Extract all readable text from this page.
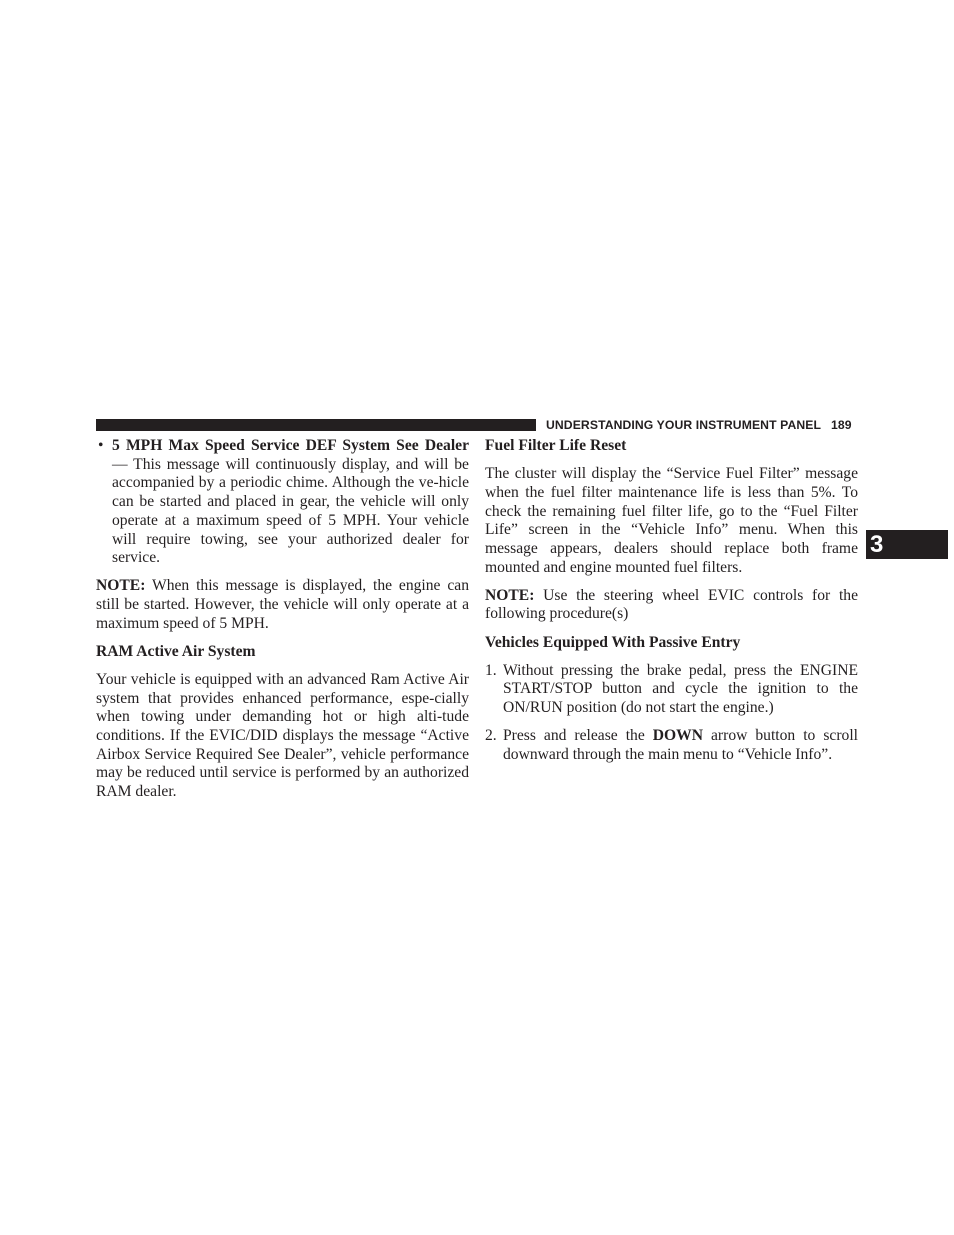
UNDERSTANDING YOUR INSTRUMENT PANEL 189
3
• 5 MPH Max Speed Service DEF System See Dealer — This message will continuously display, and will be accompanied by a periodic chime. Although the ve-hicle can be started and placed in gear, the vehicle will only operate at a maximum speed of 5 MPH. Your vehicle will require towing, see your authorized dealer for service.

NOTE: When this message is displayed, the engine can still be started. However, the vehicle will only operate at a maximum speed of 5 MPH.

RAM Active Air System

Your vehicle is equipped with an advanced Ram Active Air system that provides enhanced performance, espe-cially when towing under demanding hot or high alti-tude conditions. If the EVIC/DID displays the message “Active Airbox Service Required See Dealer”, vehicle performance may be reduced until service is performed by an authorized RAM dealer.

Fuel Filter Life Reset

The cluster will display the “Service Fuel Filter” message when the fuel filter maintenance life is less than 5%. To check the remaining fuel filter life, go to the “Fuel Filter Life” screen in the “Vehicle Info” menu. When this message appears, dealers should replace both frame mounted and engine mounted fuel filters.

NOTE: Use the steering wheel EVIC controls for the following procedure(s)

Vehicles Equipped With Passive Entry

1. Without pressing the brake pedal, press the ENGINE START/STOP button and cycle the ignition to the ON/RUN position (do not start the engine.)
2. Press and release the DOWN arrow button to scroll downward through the main menu to “Vehicle Info”.
